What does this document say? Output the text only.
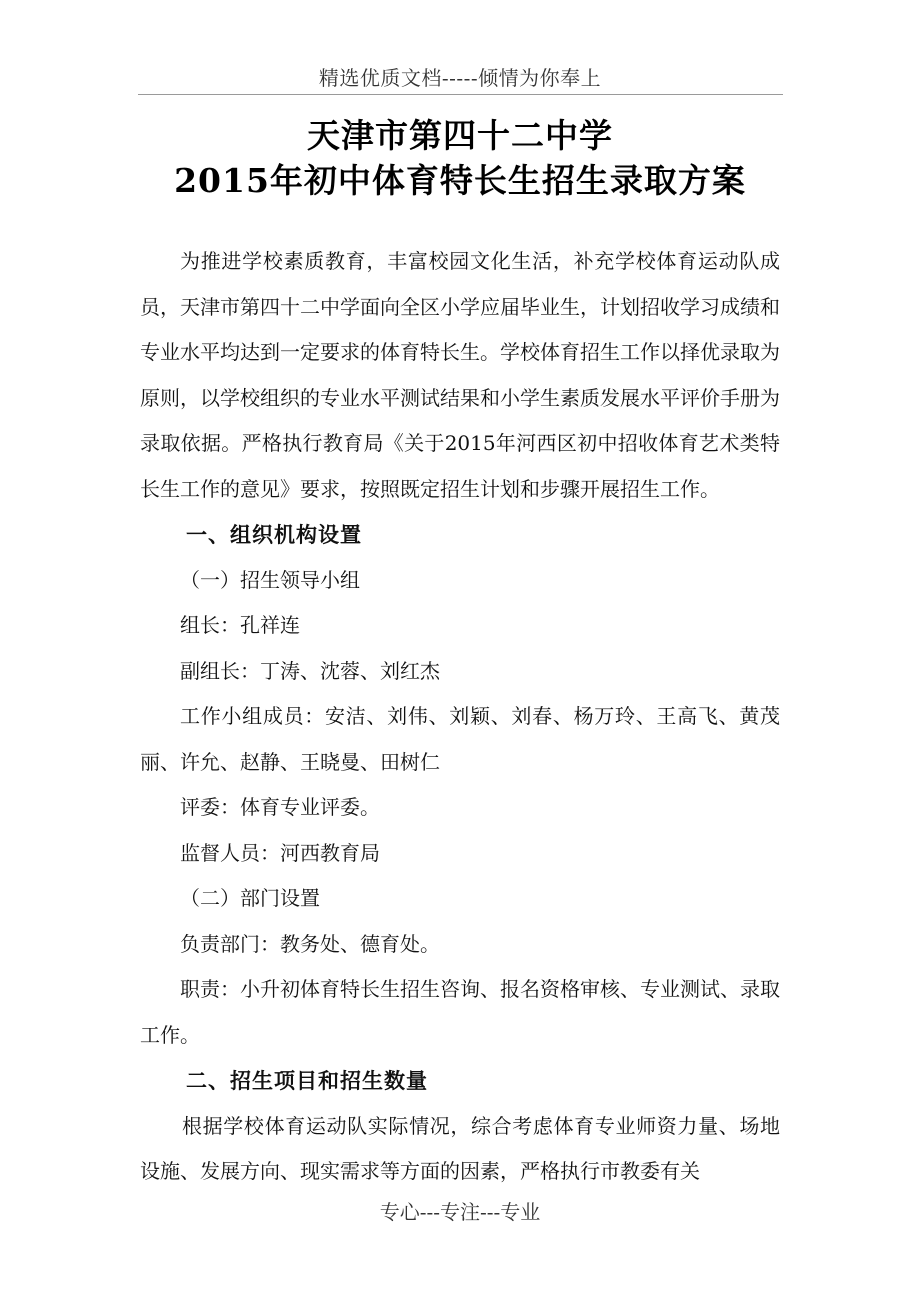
精选优质文档-----倾情为你奉上
天津市第四十二中学
2015年初中体育特长生招生录取方案

为推进学校素质教育，丰富校园文化生活，补充学校体育运动队成员，天津市第四十二中学面向全区小学应届毕业生，计划招收学习成绩和专业水平均达到一定要求的体育特长生。学校体育招生工作以择优录取为原则，以学校组织的专业水平测试结果和小学生素质发展水平评价手册为录取依据。严格执行教育局《关于2015年河西区初中招收体育艺术类特长生工作的意见》要求，按照既定招生计划和步骤开展招生工作。

一、组织机构设置

（一）招生领导小组

组长：孔祥连

副组长：丁涛、沈蓉、刘红杰

工作小组成员：安洁、刘伟、刘颖、刘春、杨万玲、王高飞、黄茂丽、许允、赵静、王晓曼、田树仁

评委：体育专业评委。

监督人员：河西教育局

（二）部门设置

负责部门：教务处、德育处。

职责：小升初体育特长生招生咨询、报名资格审核、专业测试、录取工作。

二、招生项目和招生数量

根据学校体育运动队实际情况，综合考虑体育专业师资力量、场地设施、发展方向、现实需求等方面的因素，严格执行市教委有关

专心---专注---专业
